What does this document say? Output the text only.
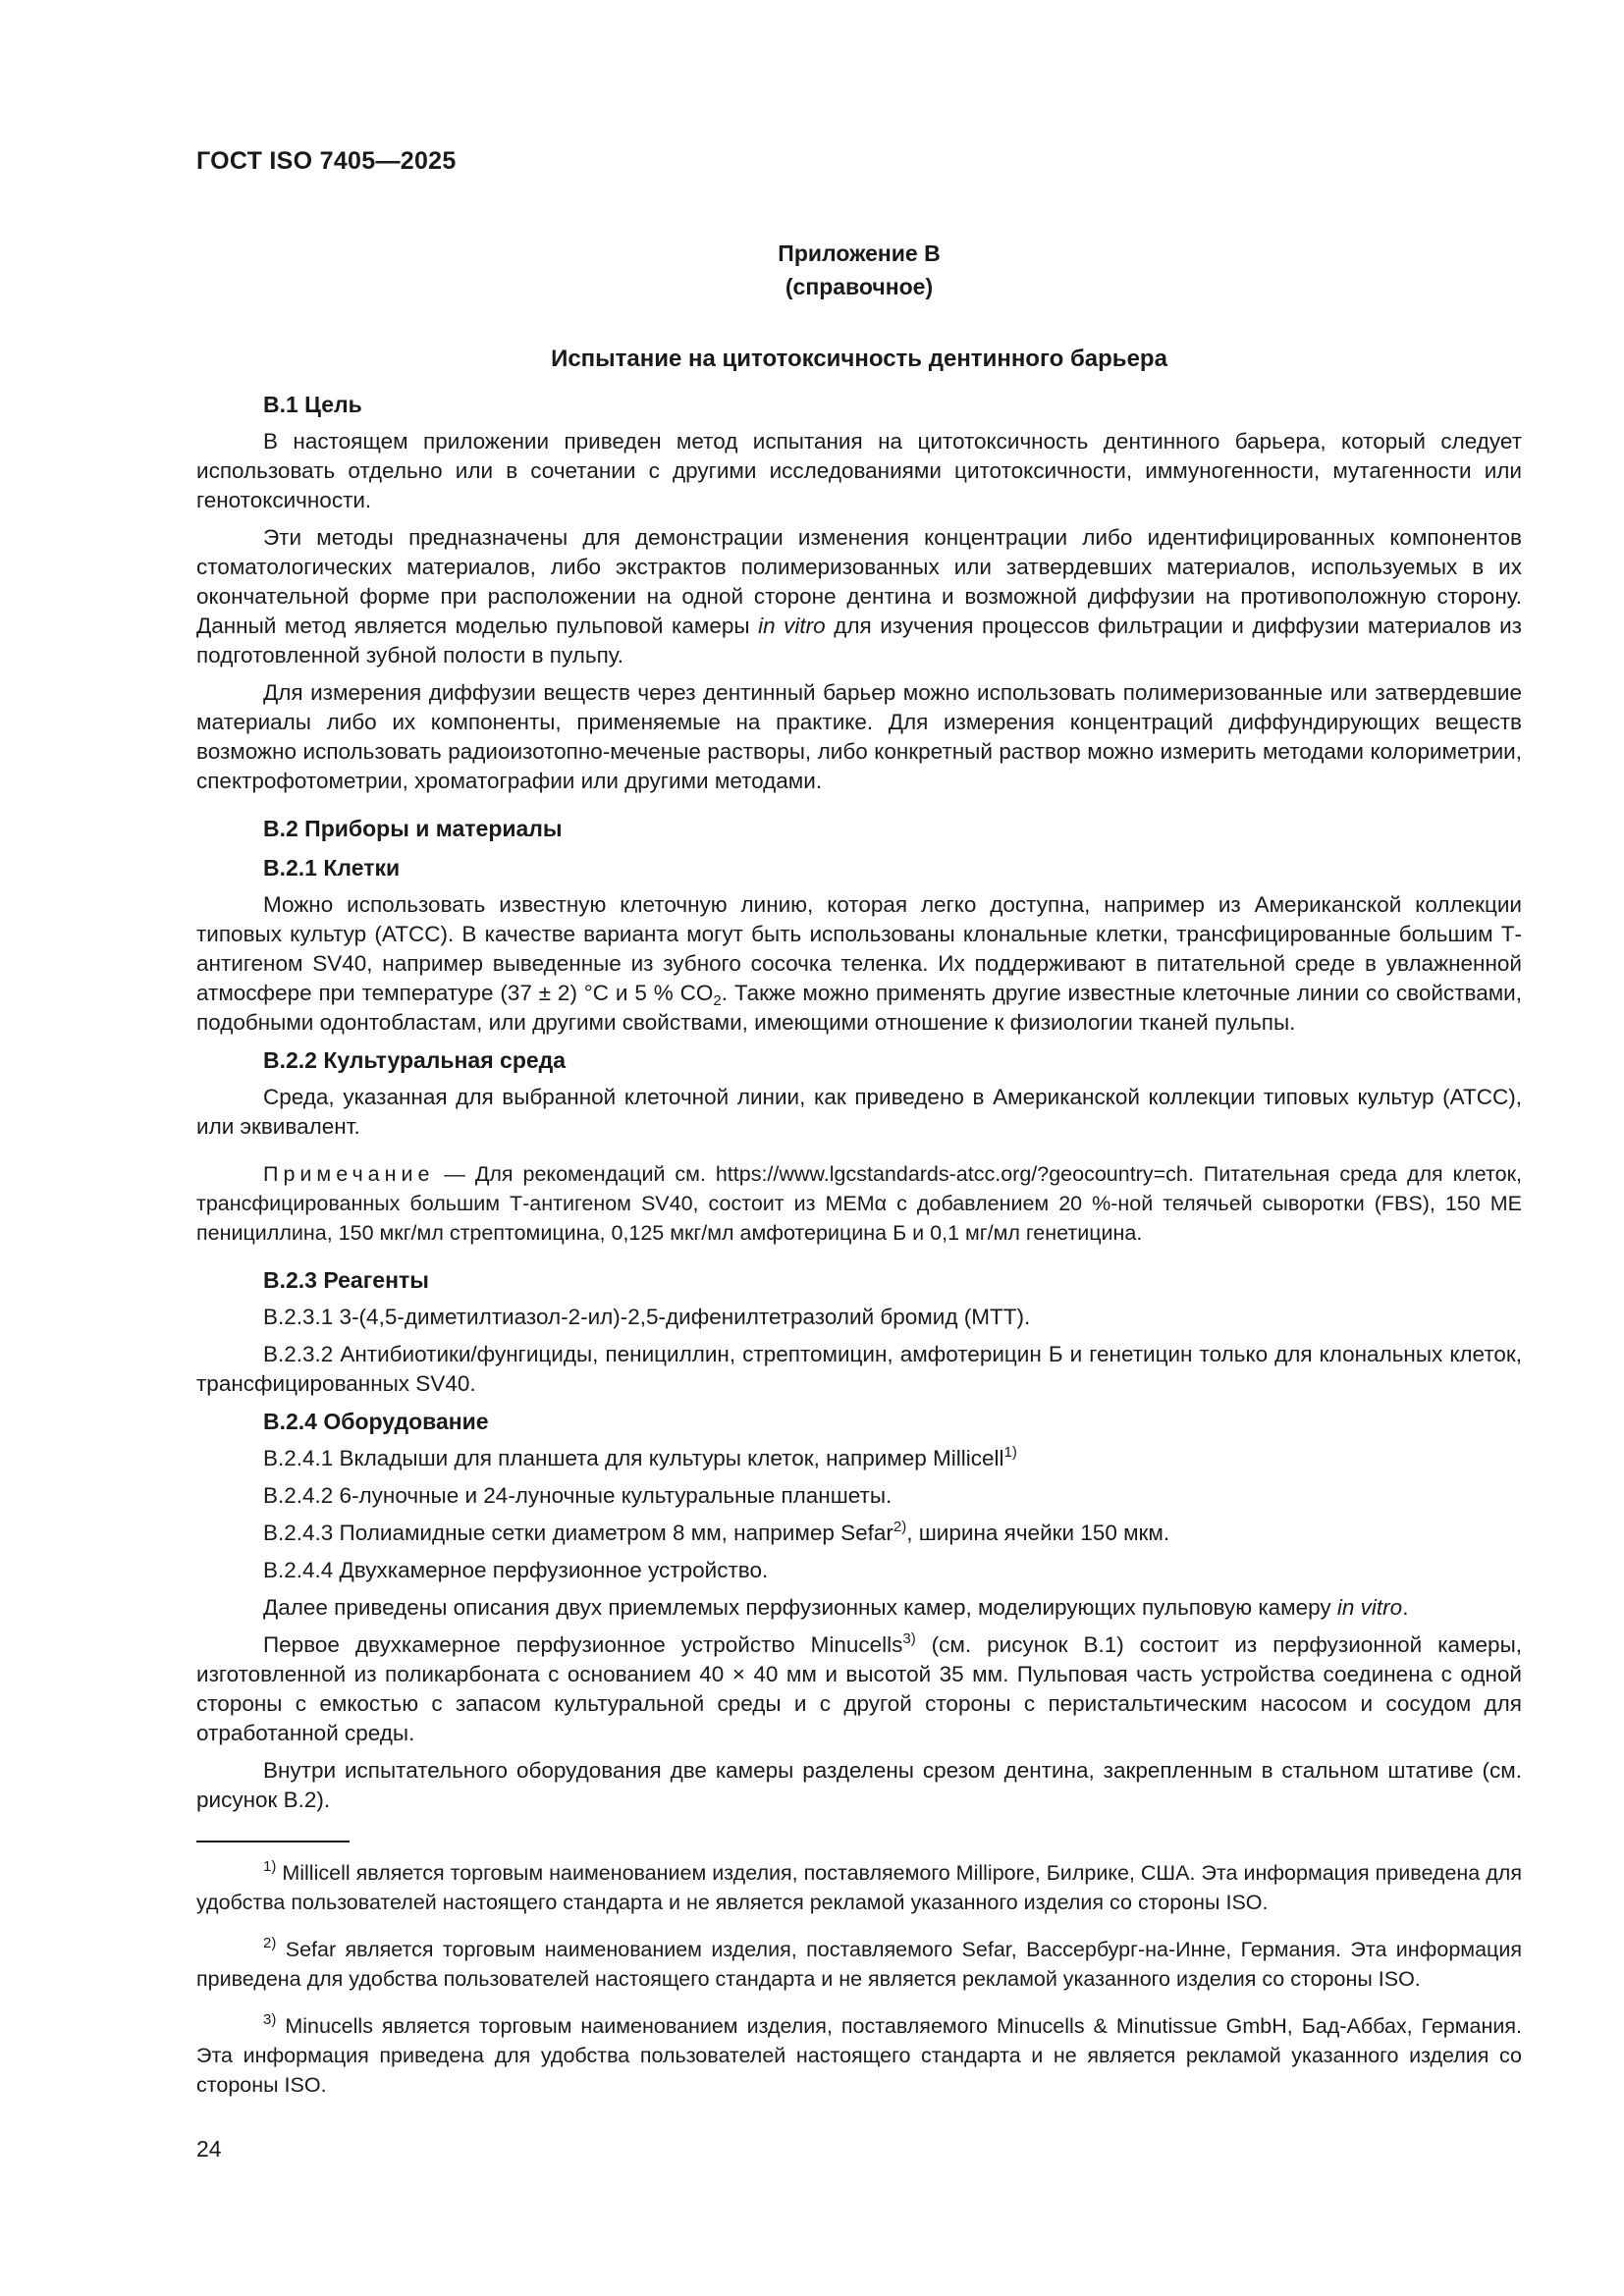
ГОСТ ISO 7405—2025

Приложение В
(справочное)
Испытание на цитотоксичность дентинного барьера

В.1 Цель

В настоящем приложении приведен метод испытания на цитотоксичность дентинного барьера, который следует использовать отдельно или в сочетании с другими исследованиями цитотоксичности, иммуногенности, мутагенности или генотоксичности.

Эти методы предназначены для демонстрации изменения концентрации либо идентифицированных компонентов стоматологических материалов, либо экстрактов полимеризованных или затвердевших материалов, используемых в их окончательной форме при расположении на одной стороне дентина и возможной диффузии на противоположную сторону. Данный метод является моделью пульповой камеры in vitro для изучения процессов фильтрации и диффузии материалов из подготовленной зубной полости в пульпу.

Для измерения диффузии веществ через дентинный барьер можно использовать полимеризованные или затвердевшие материалы либо их компоненты, применяемые на практике. Для измерения концентраций диффундирующих веществ возможно использовать радиоизотопно-меченые растворы, либо конкретный раствор можно измерить методами колориметрии, спектрофотометрии, хроматографии или другими методами.

В.2 Приборы и материалы

В.2.1 Клетки

Можно использовать известную клеточную линию, которая легко доступна, например из Американской коллекции типовых культур (ATCC). В качестве варианта могут быть использованы клональные клетки, трансфицированные большим Т-антигеном SV40, например выведенные из зубного сосочка теленка. Их поддерживают в питательной среде в увлажненной атмосфере при температуре (37 ± 2) °C и 5 % $CO_2$. Также можно применять другие известные клеточные линии со свойствами, подобными одонтобластам, или другими свойствами, имеющими отношение к физиологии тканей пульпы.

В.2.2 Культуральная среда

Среда, указанная для выбранной клеточной линии, как приведено в Американской коллекции типовых культур (ATCC), или эквивалент.

Примечание — Для рекомендаций см. https://www.lgcstandards-atcc.org/?geocountry=ch. Питательная среда для клеток, трансфицированных большим Т-антигеном SV40, состоит из MEMα с добавлением 20 %-ной телячьей сыворотки (FBS), 150 МЕ пенициллина, 150 мкг/мл стрептомицина, 0,125 мкг/мл амфотерицина Б и 0,1 мг/мл генетицина.

В.2.3 Реагенты

В.2.3.1 3-(4,5-диметилтиазол-2-ил)-2,5-дифенилтетразолий бромид (МТТ).

В.2.3.2 Антибиотики/фунгициды, пенициллин, стрептомицин, амфотерицин Б и генетицин только для клональных клеток, трансфицированных SV40.

В.2.4 Оборудование

В.2.4.1 Вкладыши для планшета для культуры клеток, например Millicell$^{1)}$

В.2.4.2 6-луночные и 24-луночные культуральные планшеты.

В.2.4.3 Полиамидные сетки диаметром 8 мм, например Sefar$^{2)}$, ширина ячейки 150 мкм.

В.2.4.4 Двухкамерное перфузионное устройство.

Далее приведены описания двух приемлемых перфузионных камер, моделирующих пульповую камеру in vitro.

Первое двухкамерное перфузионное устройство Minucells$^{3)}$ (см. рисунок В.1) состоит из перфузионной камеры, изготовленной из поликарбоната с основанием 40 × 40 мм и высотой 35 мм. Пульповая часть устройства соединена с одной стороны с емкостью с запасом культуральной среды и с другой стороны с перистальтическим насосом и сосудом для отработанной среды.

Внутри испытательного оборудования две камеры разделены срезом дентина, закрепленным в стальном штативе (см. рисунок В.2).

$^{1)}$ Millicell является торговым наименованием изделия, поставляемого Millipore, Билрике, США. Эта информация приведена для удобства пользователей настоящего стандарта и не является рекламой указанного изделия со стороны ISO.

$^{2)}$ Sefar является торговым наименованием изделия, поставляемого Sefar, Вассербург-на-Инне, Германия. Эта информация приведена для удобства пользователей настоящего стандарта и не является рекламой указанного изделия со стороны ISO.

$^{3)}$ Minucells является торговым наименованием изделия, поставляемого Minucells & Minutissue GmbH, Бад-Аббах, Германия. Эта информация приведена для удобства пользователей настоящего стандарта и не является рекламой указанного изделия со стороны ISO.

24
